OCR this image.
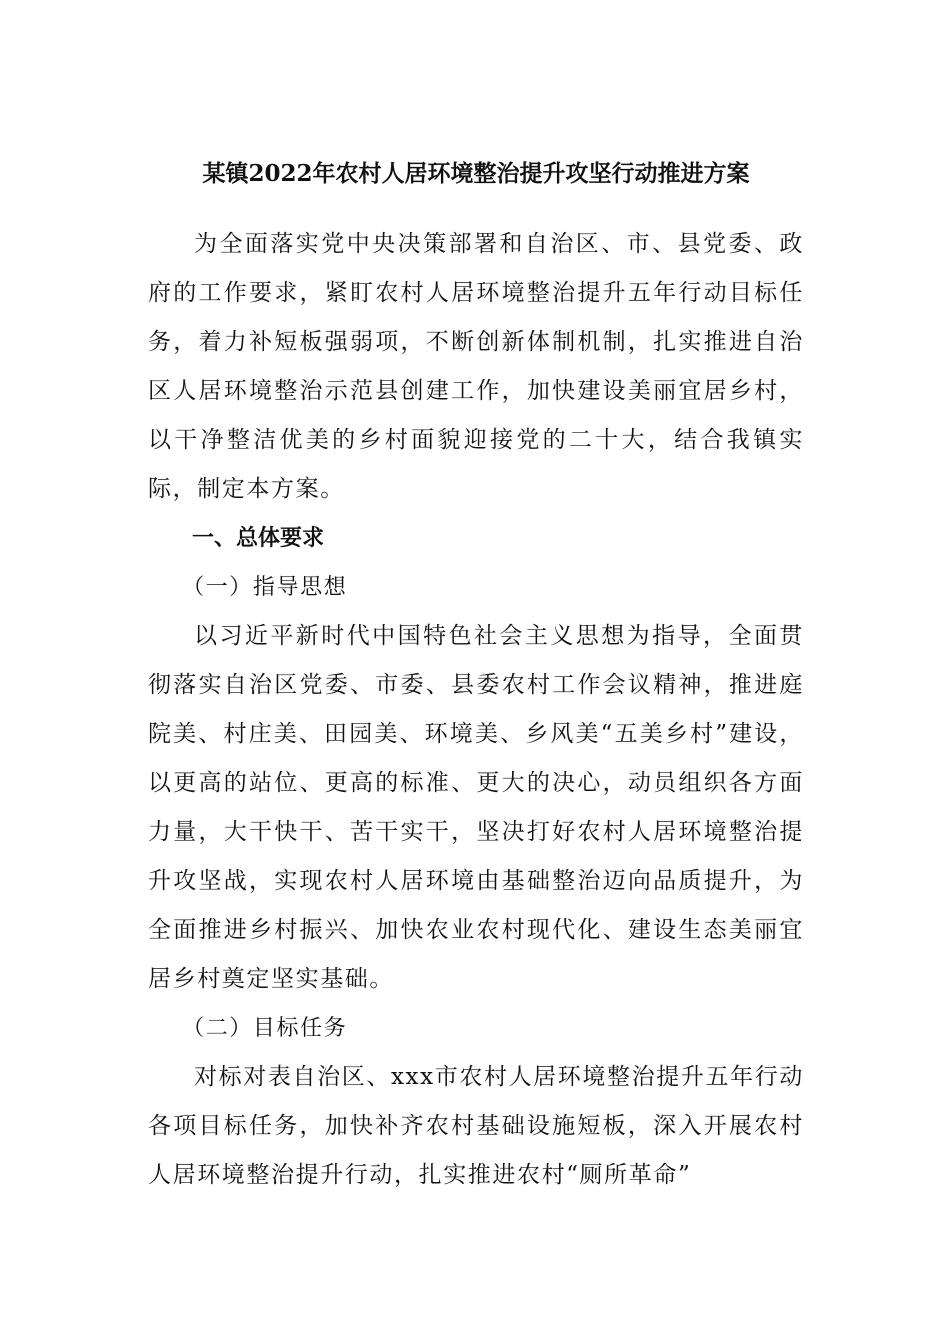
某镇2022年农村人居环境整治提升攻坚行动推进方案

为全面落实党中央决策部署和自治区、市、县党委、政府的工作要求，紧盯农村人居环境整治提升五年行动目标任务，着力补短板强弱项，不断创新体制机制，扎实推进自治区人居环境整治示范县创建工作，加快建设美丽宜居乡村，以干净整洁优美的乡村面貌迎接党的二十大，结合我镇实际，制定本方案。

一、总体要求

（一）指导思想

以习近平新时代中国特色社会主义思想为指导，全面贯彻落实自治区党委、市委、县委农村工作会议精神，推进庭院美、村庄美、田园美、环境美、乡风美“五美乡村”建设，以更高的站位、更高的标准、更大的决心，动员组织各方面力量，大干快干、苦干实干，坚决打好农村人居环境整治提升攻坚战，实现农村人居环境由基础整治迈向品质提升，为全面推进乡村振兴、加快农业农村现代化、建设生态美丽宜居乡村奠定坚实基础。

（二）目标任务

对标对表自治区、xxx市农村人居环境整治提升五年行动各项目标任务，加快补齐农村基础设施短板，深入开展农村人居环境整治提升行动，扎实推进农村“厕所革命”
